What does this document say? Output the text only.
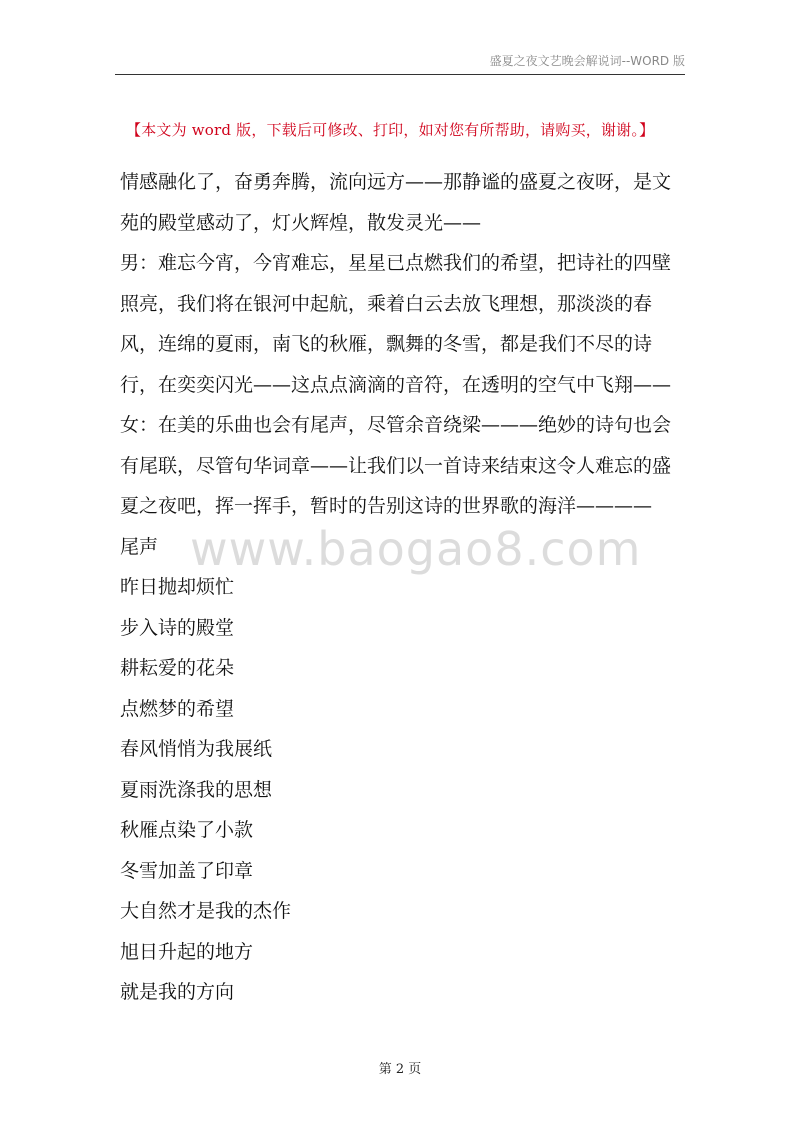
盛夏之夜文艺晚会解说词--WORD 版
【本文为 word 版，下载后可修改、打印，如对您有所帮助，请购买，谢谢。】

情感融化了，奋勇奔腾，流向远方——那静谧的盛夏之夜呀，是文苑的殿堂感动了，灯火辉煌，散发灵光——

男：难忘今宵，今宵难忘，星星已点燃我们的希望，把诗社的四壁照亮，我们将在银河中起航，乘着白云去放飞理想，那淡淡的春风，连绵的夏雨，南飞的秋雁，飘舞的冬雪，都是我们不尽的诗行，在奕奕闪光——这点点滴滴的音符，在透明的空气中飞翔——

女：在美的乐曲也会有尾声，尽管余音绕梁———绝妙的诗句也会有尾联，尽管句华词章——让我们以一首诗来结束这令人难忘的盛夏之夜吧，挥一挥手，暂时的告别这诗的世界歌的海洋————

尾声

昨日抛却烦忙

步入诗的殿堂

耕耘爱的花朵

点燃梦的希望

春风悄悄为我展纸

夏雨洗涤我的思想

秋雁点染了小款

冬雪加盖了印章

大自然才是我的杰作

旭日升起的地方

就是我的方向

www.baogao8.com
第 2 页
